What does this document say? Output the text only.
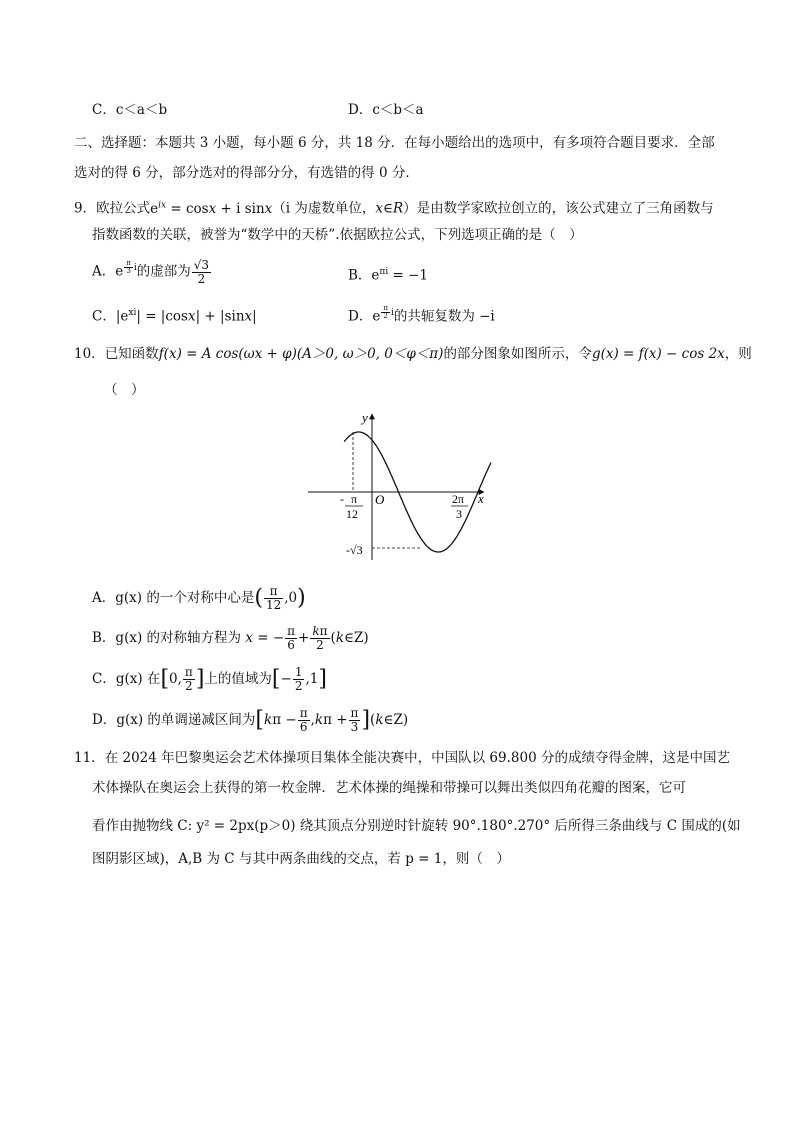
C．c＜a＜b	D．c＜b＜a
二、选择题：本题共 3 小题，每小题 6 分，共 18 分．在每小题给出的选项中，有多项符合题目要求．全部
选对的得 6 分，部分选对的得部分分，有选错的得 0 分．
9．欧拉公式$e^{ix} = \cos x + i$ sinx（i 为虚数单位，x∈R）是由数学家欧拉创立的，该公式建立了三角函数与
指数函数的关联，被誉为“数学中的天桥”.依据欧拉公式，下列选项正确的是（　）
A．e $^{\frac{\pi}{3} i}$的虚部为 $\frac{√3}{2}$	B．$e^{\pi i} = -1$
C．$|e^{xi}| = |\cos x| + |\sin x|$	D．e $^{\frac{\pi}{2} i}$的共轭复数为 −i
10．已知函数f(x) = A cos(ωx + φ)(A＞0, ω＞0, 0＜φ＜π)的部分图象如图所示，令g(x) = f(x) − cos 2x，则
（　）
y
x
O
- π
12
2π
3
-√3
A．g(x) 的一个对称中心是( $\frac{\pi}{12} ,0$)
B．g(x) 的对称轴方程为 x = − $\frac{\pi}{6} + \frac{k\pi}{2}$ (k∈Z)
C．g(x) 在[0, $\frac{\pi}{2}$ ]上的值域为[− $\frac{1}{2} ,1$]
D．g(x) 的单调递减区间为[$k\pi - \frac{\pi}{6} ,k\pi + \frac{\pi}{3}$ ](k∈Z)
11．在 2024 年巴黎奥运会艺术体操项目集体全能决赛中，中国队以 69.800 分的成绩夺得金牌，这是中国艺
术体操队在奥运会上获得的第一枚金牌．艺术体操的绳操和带操可以舞出类似四角花瓣的图案，它可
看作由抛物线 C: y² = 2px(p＞0) 绕其顶点分别逆时针旋转 90°.180°.270° 后所得三条曲线与 C 围成的(如
图阴影区域)，A,B 为 C 与其中两条曲线的交点，若 p = 1，则（　）
